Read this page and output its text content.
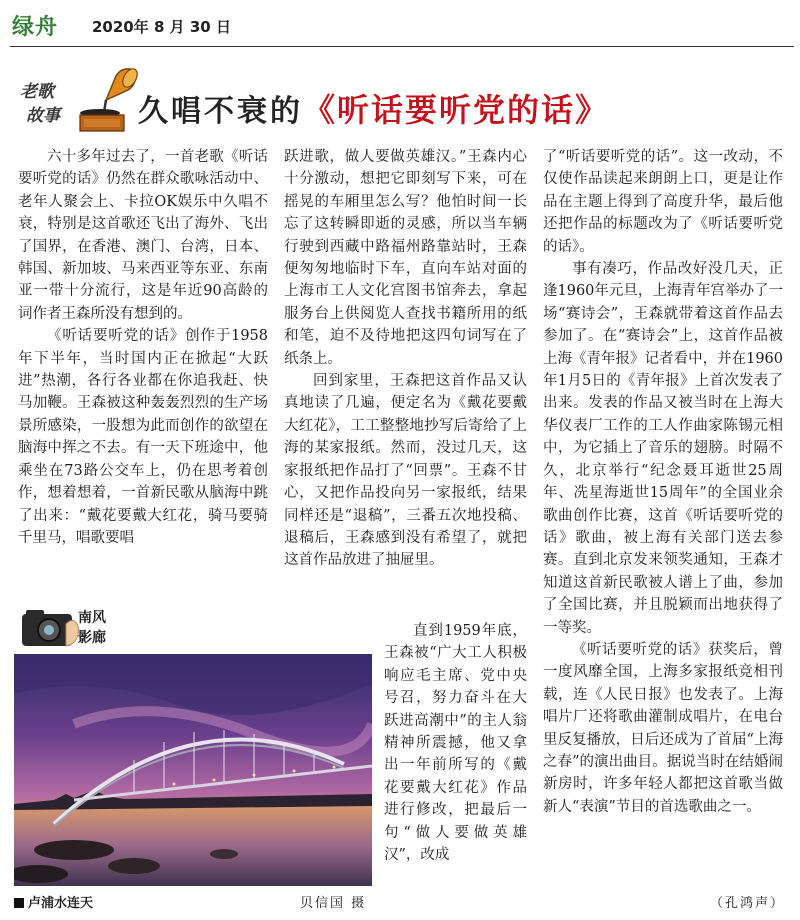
绿舟 2020年 8 月 30 日
老歌
故事	久唱不衰的《听话要听党的话》

六十多年过去了，一首老歌《听话要听党的话》仍然在群众歌咏活动中、老年人聚会上、卡拉OK娱乐中久唱不衰，特别是这首歌还飞出了海外、飞出了国界，在香港、澳门、台湾，日本、韩国、新加坡、马来西亚等东亚、东南亚一带十分流行，这是年近90高龄的词作者王森所没有想到的。

《听话要听党的话》创作于1958年下半年，当时国内正在掀起“大跃进”热潮，各行各业都在你追我赶、快马加鞭。王森被这种轰轰烈烈的生产场景所感染，一股想为此而创作的欲望在脑海中挥之不去。有一天下班途中，他乘坐在73路公交车上，仍在思考着创作，想着想着，一首新民歌从脑海中跳了出来：“戴花要戴大红花，骑马要骑千里马，唱歌要唱

跃进歌，做人要做英雄汉。”王森内心十分激动，想把它即刻写下来，可在摇晃的车厢里怎么写？他怕时间一长忘了这转瞬即逝的灵感，所以当车辆行驶到西藏中路福州路靠站时，王森便匆匆地临时下车，直向车站对面的上海市工人文化宫图书馆奔去，拿起服务台上供阅览人查找书籍所用的纸和笔，迫不及待地把这四句词写在了纸条上。

回到家里，王森把这首作品又认真地读了几遍，便定名为《戴花要戴大红花》，工工整整地抄写后寄给了上海的某家报纸。然而，没过几天，这家报纸把作品打了“回票”。王森不甘心，又把作品投向另一家报纸，结果同样还是“退稿”，三番五次地投稿、退稿后，王森感到没有希望了，就把这首作品放进了抽屉里。

直到1959年底，王森被“广大工人积极响应毛主席、党中央号召，努力奋斗在大跃进高潮中”的主人翁精神所震撼，他又拿出一年前所写的《戴花要戴大红花》作品进行修改，把最后一句“做人要做英雄汉”，改成

了“听话要听党的话”。这一改动，不仅使作品读起来朗朗上口，更是让作品在主题上得到了高度升华，最后他还把作品的标题改为了《听话要听党的话》。

事有凑巧，作品改好没几天，正逢1960年元旦，上海青年宫举办了一场“赛诗会”，王森就带着这首作品去参加了。在“赛诗会”上，这首作品被上海《青年报》记者看中，并在1960年1月5日的《青年报》上首次发表了出来。发表的作品又被当时在上海大华仪表厂工作的工人作曲家陈锡元相中，为它插上了音乐的翅膀。时隔不久，北京举行“纪念聂耳逝世25周年、冼星海逝世15周年”的全国业余歌曲创作比赛，这首《听话要听党的话》歌曲，被上海有关部门送去参赛。直到北京发来领奖通知，王森才知道这首新民歌被人谱上了曲，参加了全国比赛，并且脱颖而出地获得了一等奖。

《听话要听党的话》获奖后，曾一度风靡全国，上海多家报纸竞相刊载，连《人民日报》也发表了。上海唱片厂还将歌曲灌制成唱片，在电台里反复播放，日后还成为了首届“上海之春”的演出曲目。据说当时在结婚闹新房时，许多年轻人都把这首歌当做新人“表演”节目的首选歌曲之一。

南风
影廊
卢浦水连天	贝信国 摄	（孔鸿声）
